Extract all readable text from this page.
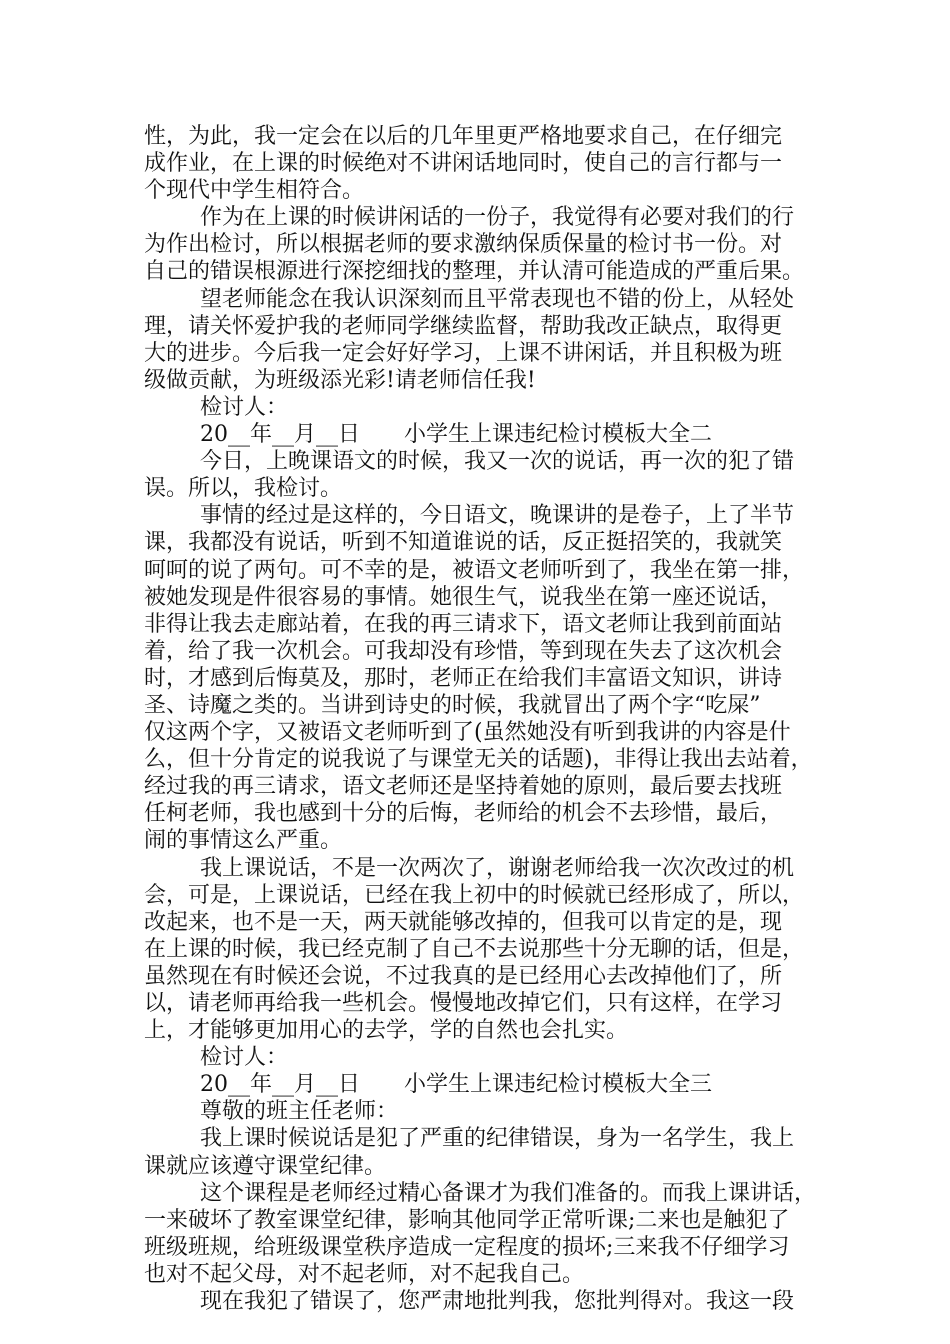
性，为此，我一定会在以后的几年里更严格地要求自己，在仔细完
成作业，在上课的时候绝对不讲闲话地同时，使自己的言行都与一
个现代中学生相符合。
作为在上课的时候讲闲话的一份子，我觉得有必要对我们的行
为作出检讨，所以根据老师的要求激纳保质保量的检讨书一份。对
自己的错误根源进行深挖细找的整理，并认清可能造成的严重后果。
望老师能念在我认识深刻而且平常表现也不错的份上，从轻处
理，请关怀爱护我的老师同学继续监督，帮助我改正缺点，取得更
大的进步。今后我一定会好好学习，上课不讲闲话，并且积极为班
级做贡献，为班级添光彩!请老师信任我!
检讨人：
20__年__月__日　　小学生上课违纪检讨模板大全二
今日，上晚课语文的时候，我又一次的说话，再一次的犯了错
误。所以，我检讨。
事情的经过是这样的，今日语文，晚课讲的是卷子，上了半节
课，我都没有说话，听到不知道谁说的话，反正挺招笑的，我就笑
呵呵的说了两句。可不幸的是，被语文老师听到了，我坐在第一排，
被她发现是件很容易的事情。她很生气，说我坐在第一座还说话，
非得让我去走廊站着，在我的再三请求下，语文老师让我到前面站
着，给了我一次机会。可我却没有珍惜，等到现在失去了这次机会
时，才感到后悔莫及，那时，老师正在给我们丰富语文知识，讲诗
圣、诗魔之类的。当讲到诗史的时候，我就冒出了两个字“吃屎”
仅这两个字，又被语文老师听到了(虽然她没有听到我讲的内容是什
么，但十分肯定的说我说了与课堂无关的话题)，非得让我出去站着，
经过我的再三请求，语文老师还是坚持着她的原则，最后要去找班
任柯老师，我也感到十分的后悔，老师给的机会不去珍惜，最后，
闹的事情这么严重。
我上课说话，不是一次两次了，谢谢老师给我一次次改过的机
会，可是，上课说话，已经在我上初中的时候就已经形成了，所以，
改起来，也不是一天，两天就能够改掉的，但我可以肯定的是，现
在上课的时候，我已经克制了自己不去说那些十分无聊的话，但是，
虽然现在有时候还会说，不过我真的是已经用心去改掉他们了，所
以，请老师再给我一些机会。慢慢地改掉它们，只有这样，在学习
上，才能够更加用心的去学，学的自然也会扎实。
检讨人：
20__年__月__日　　小学生上课违纪检讨模板大全三
尊敬的班主任老师：
我上课时候说话是犯了严重的纪律错误，身为一名学生，我上
课就应该遵守课堂纪律。
这个课程是老师经过精心备课才为我们准备的。而我上课讲话，
一来破坏了教室课堂纪律，影响其他同学正常听课;二来也是触犯了
班级班规，给班级课堂秩序造成一定程度的损坏;三来我不仔细学习
也对不起父母，对不起老师，对不起我自己。
现在我犯了错误了，您严肃地批判我，您批判得对。我这一段
